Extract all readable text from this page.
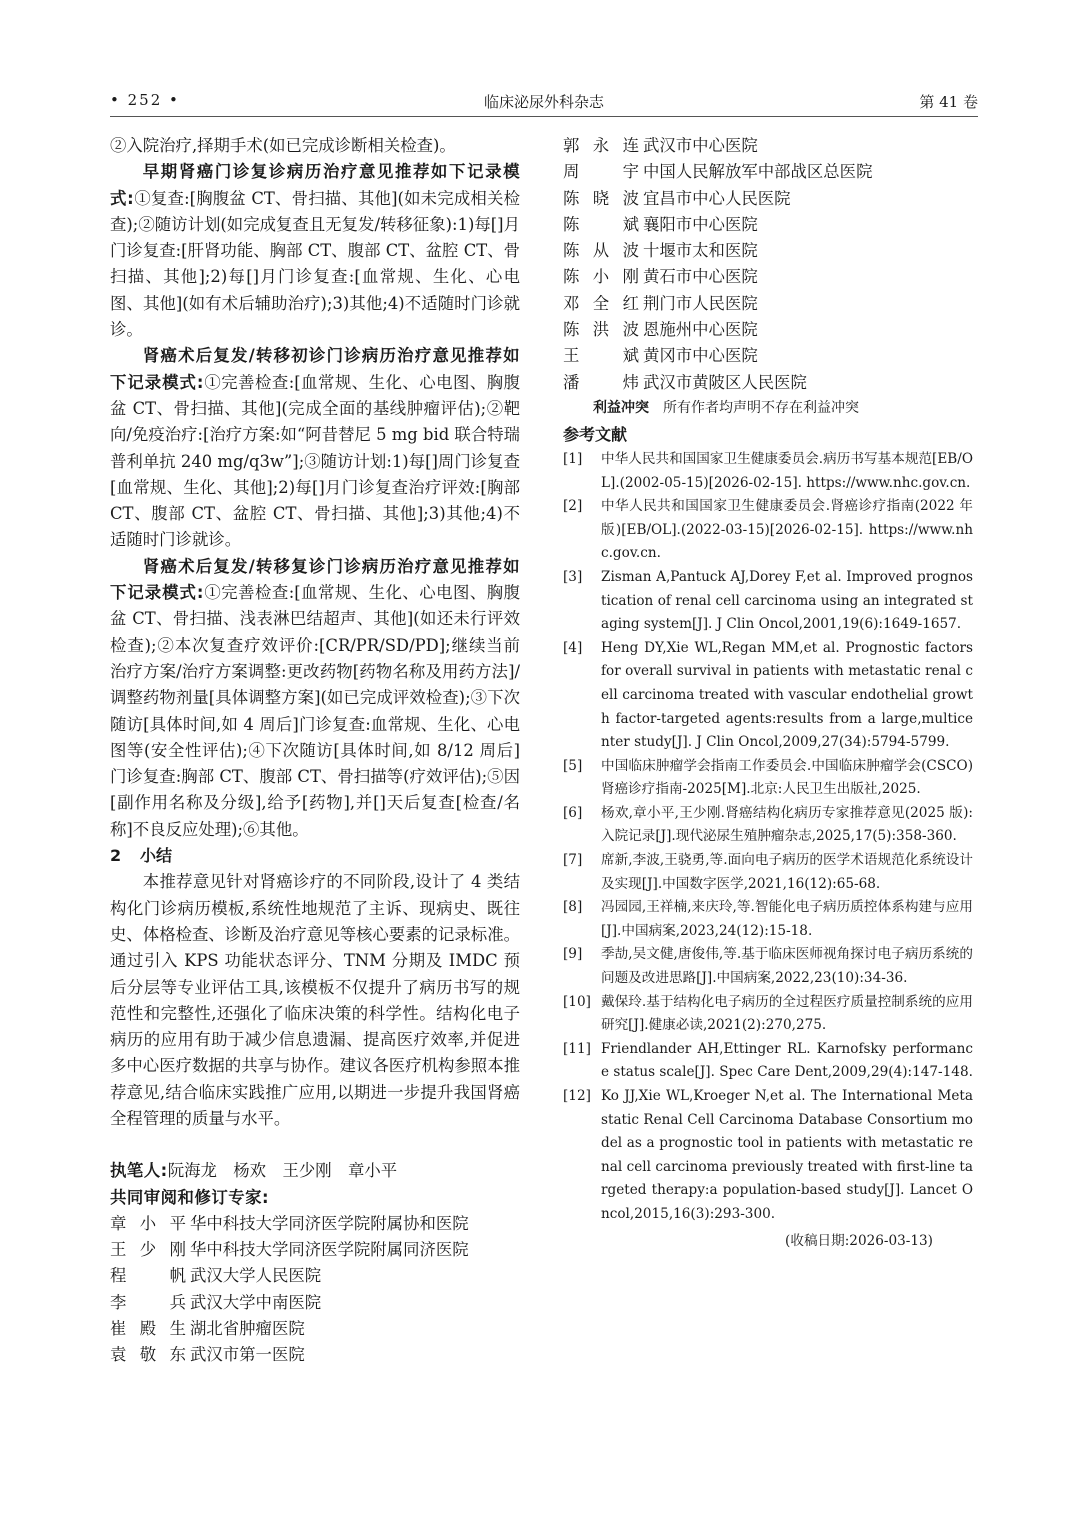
• 252 •	临床泌尿外科杂志	第 41 卷

②入院治疗,择期手术(如已完成诊断相关检查)。

早期肾癌门诊复诊病历治疗意见推荐如下记录模式:①复查:[胸腹盆 CT、骨扫描、其他](如未完成相关检查);②随访计划(如完成复查且无复发/转移征象):1)每[]月门诊复查:[肝肾功能、胸部 CT、腹部 CT、盆腔 CT、骨扫描、其他];2)每[]月门诊复查:[血常规、生化、心电图、其他](如有术后辅助治疗);3)其他;4)不适随时门诊就诊。

肾癌术后复发/转移初诊门诊病历治疗意见推荐如下记录模式:①完善检查:[血常规、生化、心电图、胸腹盆 CT、骨扫描、其他](完成全面的基线肿瘤评估);②靶向/免疫治疗:[治疗方案:如“阿昔替尼 5 mg bid 联合特瑞普利单抗 240 mg/q3w”];③随访计划:1)每[]周门诊复查[血常规、生化、其他];2)每[]月门诊复查治疗评效:[胸部 CT、腹部 CT、盆腔 CT、骨扫描、其他];3)其他;4)不适随时门诊就诊。

肾癌术后复发/转移复诊门诊病历治疗意见推荐如下记录模式:①完善检查:[血常规、生化、心电图、胸腹盆 CT、骨扫描、浅表淋巴结超声、其他](如还未行评效检查);②本次复查疗效评价:[CR/PR/SD/PD];继续当前治疗方案/治疗方案调整:更改药物[药物名称及用药方法]/调整药物剂量[具体调整方案](如已完成评效检查);③下次随访[具体时间,如 4 周后]门诊复查:血常规、生化、心电图等(安全性评估);④下次随访[具体时间,如 8/12 周后]门诊复查:胸部 CT、腹部 CT、骨扫描等(疗效评估);⑤因[副作用名称及分级],给予[药物],并[]天后复查[检查/名称]不良反应处理);⑥其他。

2 小结

本推荐意见针对肾癌诊疗的不同阶段,设计了 4 类结构化门诊病历模板,系统性地规范了主诉、现病史、既往史、体格检查、诊断及治疗意见等核心要素的记录标准。通过引入 KPS 功能状态评分、TNM 分期及 IMDC 预后分层等专业评估工具,该模板不仅提升了病历书写的规范性和完整性,还强化了临床决策的科学性。结构化电子病历的应用有助于减少信息遗漏、提高医疗效率,并促进多中心医疗数据的共享与协作。建议各医疗机构参照本推荐意见,结合临床实践推广应用,以期进一步提升我国肾癌全程管理的质量与水平。

执笔人:阮海龙　杨欢　王少刚　章小平
共同审阅和修订专家:
章小平 华中科技大学同济医学院附属协和医院
王少刚 华中科技大学同济医学院附属同济医院
程帆 武汉大学人民医院
李兵 武汉大学中南医院
崔殿生 湖北省肿瘤医院
袁敬东 武汉市第一医院
郭永连 武汉市中心医院
周宇 中国人民解放军中部战区总医院
陈晓波 宜昌市中心人民医院
陈斌 襄阳市中心医院
陈从波 十堰市太和医院
陈小刚 黄石市中心医院
邓全红 荆门市人民医院
陈洪波 恩施州中心医院
王斌 黄冈市中心医院
潘炜 武汉市黄陂区人民医院
利益冲突 所有作者均声明不存在利益冲突
参考文献
[1]	中华人民共和国国家卫生健康委员会.病历书写基本规范[EB/OL].(2002-05-15)[2026-02-15]. https://www.nhc.gov.cn.
[2]	中华人民共和国国家卫生健康委员会.肾癌诊疗指南(2022 年版)[EB/OL].(2022-03-15)[2026-02-15]. https://www.nhc.gov.cn.
[3]	Zisman A,Pantuck AJ,Dorey F,et al. Improved prognostication of renal cell carcinoma using an integrated staging system[J]. J Clin Oncol,2001,19(6):1649-1657.
[4]	Heng DY,Xie WL,Regan MM,et al. Prognostic factors for overall survival in patients with metastatic renal cell carcinoma treated with vascular endothelial growth factor-targeted agents:results from a large,multicenter study[J]. J Clin Oncol,2009,27(34):5794-5799.
[5]	中国临床肿瘤学会指南工作委员会.中国临床肿瘤学会(CSCO)肾癌诊疗指南-2025[M].北京:人民卫生出版社,2025.
[6]	杨欢,章小平,王少刚.肾癌结构化病历专家推荐意见(2025 版):入院记录[J].现代泌尿生殖肿瘤杂志,2025,17(5):358-360.
[7]	席新,李波,王骁勇,等.面向电子病历的医学术语规范化系统设计及实现[J].中国数字医学,2021,16(12):65-68.
[8]	冯园园,王祥楠,来庆玲,等.智能化电子病历质控体系构建与应用[J].中国病案,2023,24(12):15-18.
[9]	季劼,吴文健,唐俊伟,等.基于临床医师视角探讨电子病历系统的问题及改进思路[J].中国病案,2022,23(10):34-36.
[10] 戴保玲.基于结构化电子病历的全过程医疗质量控制系统的应用研究[J].健康必读,2021(2):270,275.
[11] Friendlander AH,Ettinger RL. Karnofsky performance status scale[J]. Spec Care Dent,2009,29(4):147-148.
[12] Ko JJ,Xie WL,Kroeger N,et al. The International Metastatic Renal Cell Carcinoma Database Consortium model as a prognostic tool in patients with metastatic renal cell carcinoma previously treated with first-line targeted therapy:a population-based study[J]. Lancet Oncol,2015,16(3):293-300.
(收稿日期:2026-03-13)
